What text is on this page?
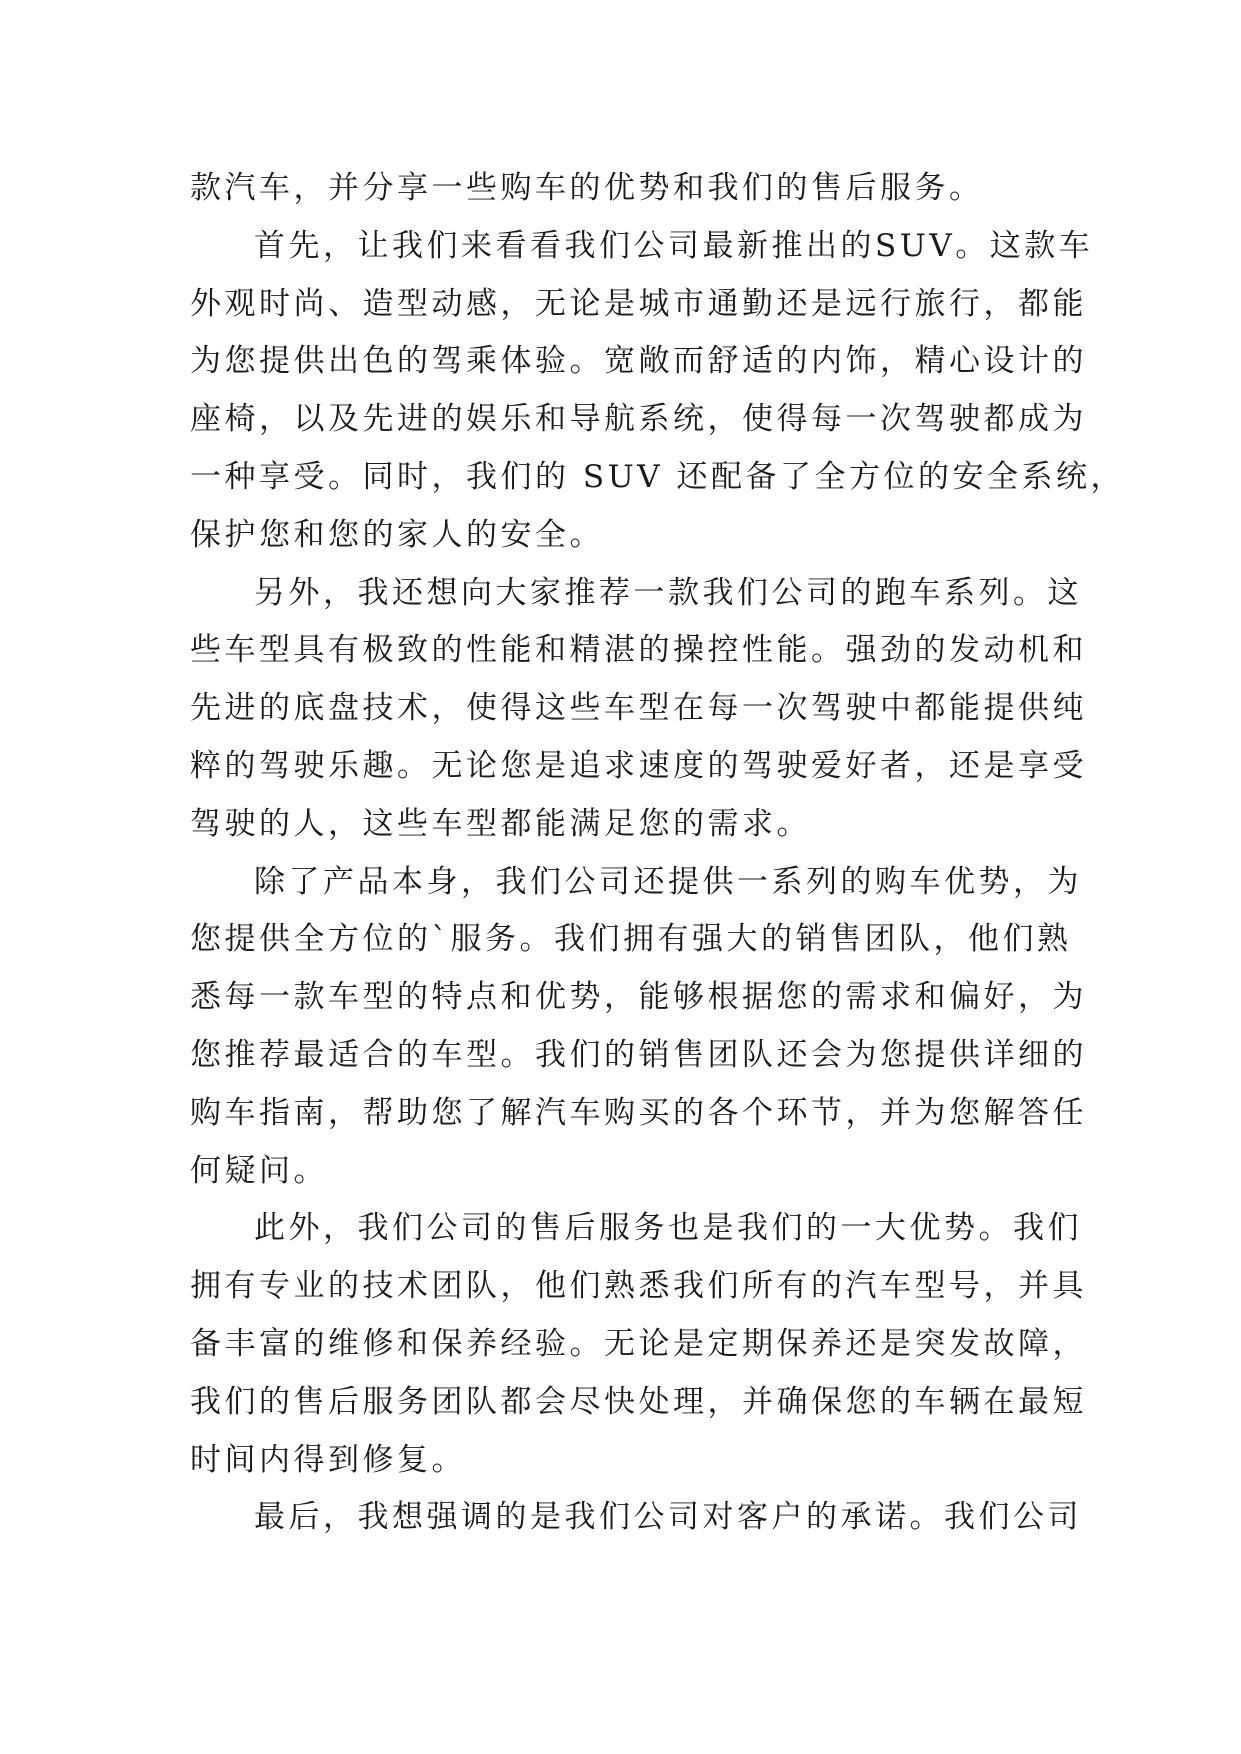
款汽车，并分享一些购车的优势和我们的售后服务。
首先，让我们来看看我们公司最新推出的SUV。这款车
外观时尚、造型动感，无论是城市通勤还是远行旅行，都能
为您提供出色的驾乘体验。宽敞而舒适的内饰，精心设计的
座椅，以及先进的娱乐和导航系统，使得每一次驾驶都成为
一种享受。同时，我们的 SUV 还配备了全方位的安全系统，
保护您和您的家人的安全。
另外，我还想向大家推荐一款我们公司的跑车系列。这
些车型具有极致的性能和精湛的操控性能。强劲的发动机和
先进的底盘技术，使得这些车型在每一次驾驶中都能提供纯
粹的驾驶乐趣。无论您是追求速度的驾驶爱好者，还是享受
驾驶的人，这些车型都能满足您的需求。
除了产品本身，我们公司还提供一系列的购车优势，为
您提供全方位的`服务。我们拥有强大的销售团队，他们熟
悉每一款车型的特点和优势，能够根据您的需求和偏好，为
您推荐最适合的车型。我们的销售团队还会为您提供详细的
购车指南，帮助您了解汽车购买的各个环节，并为您解答任
何疑问。
此外，我们公司的售后服务也是我们的一大优势。我们
拥有专业的技术团队，他们熟悉我们所有的汽车型号，并具
备丰富的维修和保养经验。无论是定期保养还是突发故障，
我们的售后服务团队都会尽快处理，并确保您的车辆在最短
时间内得到修复。
最后，我想强调的是我们公司对客户的承诺。我们公司
